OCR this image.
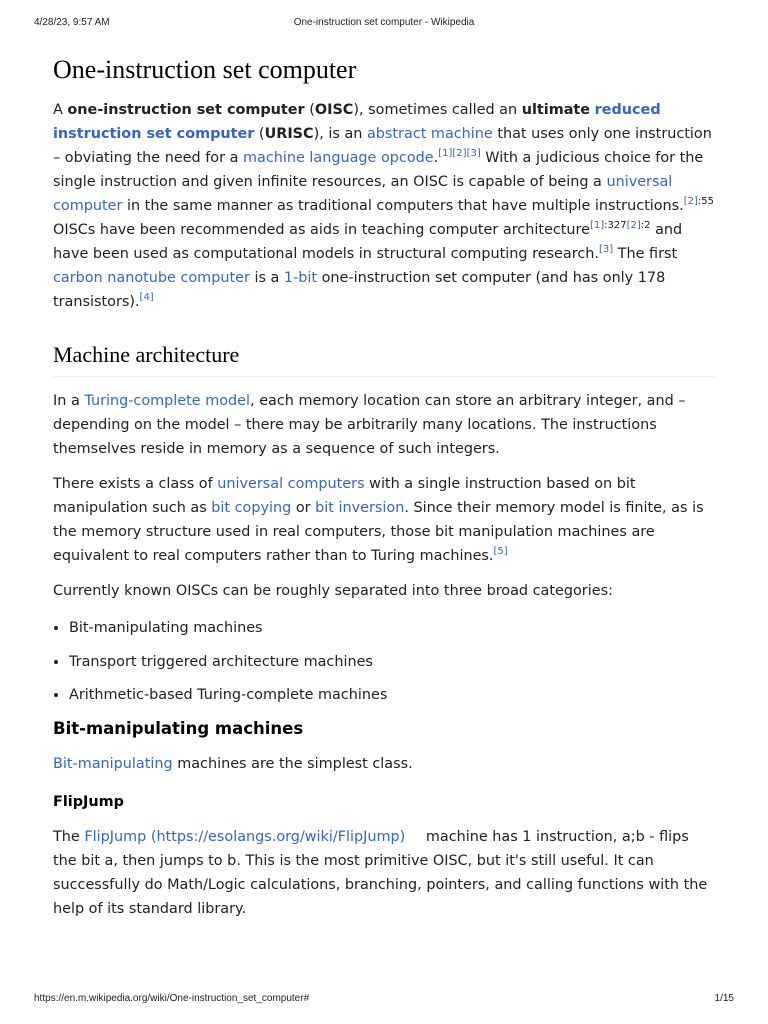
One-instruction set computer - Wikipedia
4/28/23, 9:57 AM
One-instruction set computer

A one-instruction set computer (OISC), sometimes called an ultimate reduced instruction set computer (URISC), is an abstract machine that uses only one instruction – obviating the need for a machine language opcode.[1][2][3] With a judicious choice for the single instruction and given infinite resources, an OISC is capable of being a universal computer in the same manner as traditional computers that have multiple instructions.$^{[2]:55}$ OISCs have been recommended as aids in teaching computer architecture$^{[1]:327[2]:2}$ and have been used as computational models in structural computing research.[3] The first carbon nanotube computer is a 1-bit one-instruction set computer (and has only 178 transistors).[4]

Machine architecture

In a Turing-complete model, each memory location can store an arbitrary integer, and – depending on the model – there may be arbitrarily many locations. The instructions themselves reside in memory as a sequence of such integers.

There exists a class of universal computers with a single instruction based on bit manipulation such as bit copying or bit inversion. Since their memory model is finite, as is the memory structure used in real computers, those bit manipulation machines are equivalent to real computers rather than to Turing machines.[5]

Currently known OISCs can be roughly separated into three broad categories:

• Bit-manipulating machines
• Transport triggered architecture machines
• Arithmetic-based Turing-complete machines
Bit-manipulating machines

Bit-manipulating machines are the simplest class.

FlipJump

The FlipJump (https://esolangs.org/wiki/FlipJump) machine has 1 instruction, a;b - flips the bit a, then jumps to b. This is the most primitive OISC, but it's still useful. It can successfully do Math/Logic calculations, branching, pointers, and calling functions with the help of its standard library.

https://en.m.wikipedia.org/wiki/One-instruction_set_computer#	1/15
